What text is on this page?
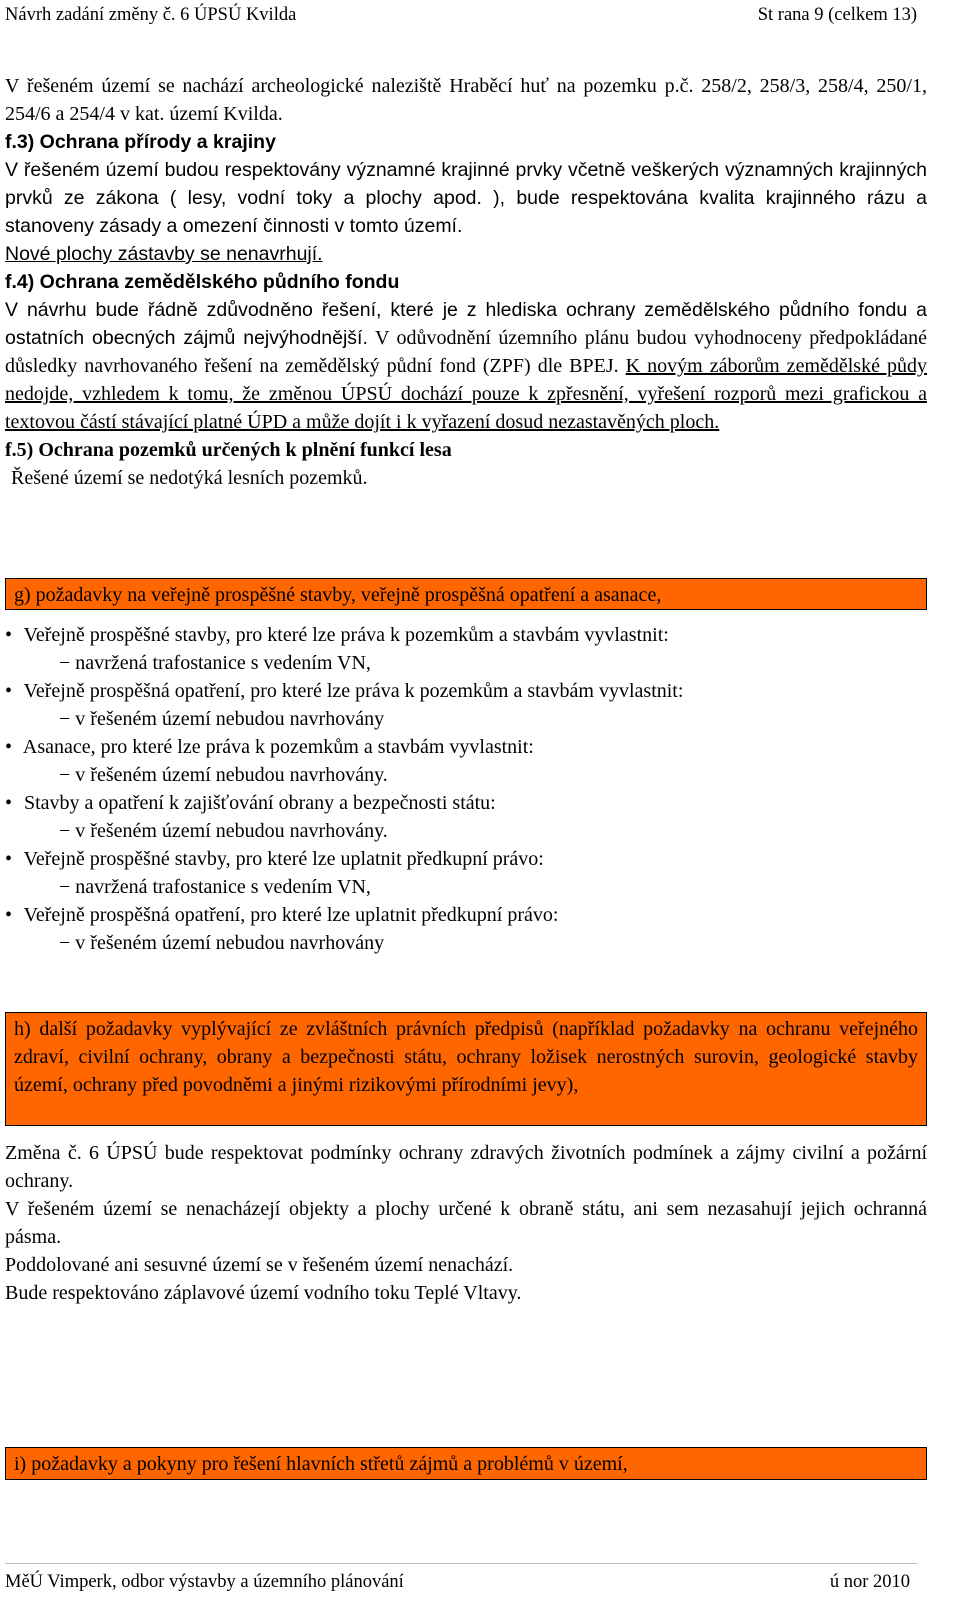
Návrh zadání změny č. 6 ÚPSÚ Kvilda	St rana 9 (celkem 13)

V řešeném území se nachází archeologické naleziště Hraběcí huť na pozemku p.č. 258/2, 258/3, 258/4, 250/1, 254/6 a 254/4 v kat. území Kvilda.

f.3) Ochrana přírody a krajiny

V řešeném území budou respektovány významné krajinné prvky včetně veškerých významných krajinných prvků ze zákona ( lesy, vodní toky a plochy apod. ), bude respektována kvalita krajinného rázu a stanoveny zásady a omezení činnosti v tomto území.
Nové plochy zástavby se nenavrhují.

f.4) Ochrana zemědělského půdního fondu

V návrhu bude řádně zdůvodněno řešení, které je z hlediska ochrany zemědělského půdního fondu a ostatních obecných zájmů nejvýhodnější. V odůvodnění územního plánu budou vyhodnoceny předpokládané důsledky navrhovaného řešení na zemědělský půdní fond (ZPF) dle BPEJ. K novým záborům zemědělské půdy nedojde, vzhledem k tomu, že změnou ÚPSÚ dochází pouze k zpřesnění, vyřešení rozporů mezi grafickou a textovou částí stávající platné ÚPD a může dojít i k vyřazení dosud nezastavěných ploch.

f.5) Ochrana pozemků určených k plnění funkcí lesa

Řešené území se nedotýká lesních pozemků.

g) požadavky na veřejně prospěšné stavby, veřejně prospěšná opatření a asanace,
• Veřejně prospěšné stavby, pro které lze práva k pozemkům a stavbám vyvlastnit:
− navržená trafostanice s vedením VN,
• Veřejně prospěšná opatření, pro které lze práva k pozemkům a stavbám vyvlastnit:
− v řešeném území nebudou navrhovány
• Asanace, pro které lze práva k pozemkům a stavbám vyvlastnit:
− v řešeném území nebudou navrhovány.
• Stavby a opatření k zajišťování obrany a bezpečnosti státu:
− v řešeném území nebudou navrhovány.
• Veřejně prospěšné stavby, pro které lze uplatnit předkupní právo:
− navržená trafostanice s vedením VN,
• Veřejně prospěšná opatření, pro které lze uplatnit předkupní právo:
− v řešeném území nebudou navrhovány
h) další požadavky vyplývající ze zvláštních právních předpisů (například požadavky na ochranu veřejného zdraví, civilní ochrany, obrany a bezpečnosti státu, ochrany ložisek nerostných surovin, geologické stavby území, ochrany před povodněmi a jinými rizikovými přírodními jevy),

Změna č. 6 ÚPSÚ bude respektovat podmínky ochrany zdravých životních podmínek a zájmy civilní a požární ochrany.

V řešeném území se nenacházejí objekty a plochy určené k obraně státu, ani sem nezasahují jejich ochranná pásma.

Poddolované ani sesuvné území se v řešeném území nenachází.

Bude respektováno záplavové území vodního toku Teplé Vltavy.

i) požadavky a pokyny pro řešení hlavních střetů zájmů a problémů v území,
MěÚ Vimperk, odbor výstavby a územního plánování	ú nor 2010
